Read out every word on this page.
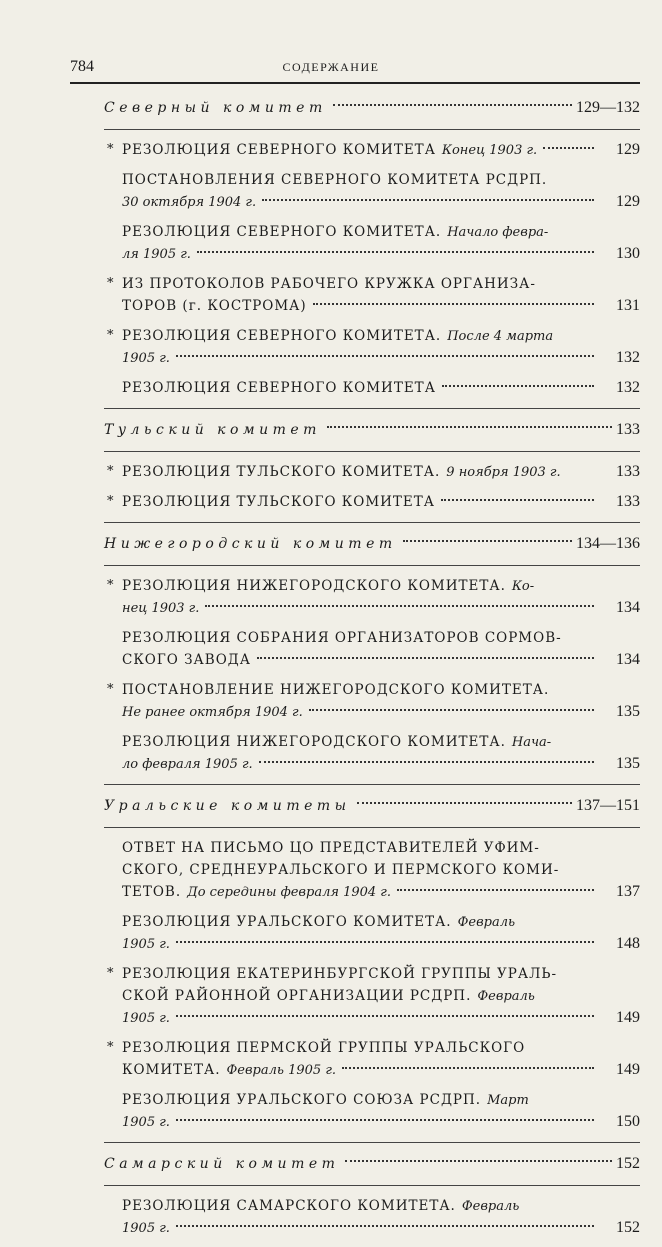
784	СОДЕРЖАНИЕ
Северный комитет	129—132
* РЕЗОЛЮЦИЯ СЕВЕРНОГО КОМИТЕТА Конец 1903 г.	129
ПОСТАНОВЛЕНИЯ СЕВЕРНОГО КОМИТЕТА РСДРП.
30 октября 1904 г.	129
РЕЗОЛЮЦИЯ СЕВЕРНОГО КОМИТЕТА. Начало февра-
ля 1905 г.	130
* ИЗ ПРОТОКОЛОВ РАБОЧЕГО КРУЖКА ОРГАНИЗА-
ТОРОВ (г. КОСТРОМА)	131
* РЕЗОЛЮЦИЯ СЕВЕРНОГО КОМИТЕТА. После 4 марта
1905 г.	132
РЕЗОЛЮЦИЯ СЕВЕРНОГО КОМИТЕТА	132
Тульский комитет	133
* РЕЗОЛЮЦИЯ ТУЛЬСКОГО КОМИТЕТА. 9 ноября 1903 г.	133
* РЕЗОЛЮЦИЯ ТУЛЬСКОГО КОМИТЕТА	133
Нижегородский комитет	134—136
* РЕЗОЛЮЦИЯ НИЖЕГОРОДСКОГО КОМИТЕТА. Ко-
нец 1903 г.	134
РЕЗОЛЮЦИЯ СОБРАНИЯ ОРГАНИЗАТОРОВ СОРМОВ-
СКОГО ЗАВОДА	134
* ПОСТАНОВЛЕНИЕ НИЖЕГОРОДСКОГО КОМИТЕТА.
Не ранее октября 1904 г.	135
РЕЗОЛЮЦИЯ НИЖЕГОРОДСКОГО КОМИТЕТА. Нача-
ло февраля 1905 г.	135
Уральские комитеты	137—151
ОТВЕТ НА ПИСЬМО ЦО ПРЕДСТАВИТЕЛЕЙ УФИМ-
СКОГО, СРЕДНЕУРАЛЬСКОГО И ПЕРМСКОГО КОМИ-
ТЕТОВ. До середины февраля 1904 г.	137
РЕЗОЛЮЦИЯ УРАЛЬСКОГО КОМИТЕТА. Февраль
1905 г.	148
* РЕЗОЛЮЦИЯ ЕКАТЕРИНБУРГСКОЙ ГРУППЫ УРАЛЬ-
СКОЙ РАЙОННОЙ ОРГАНИЗАЦИИ РСДРП. Февраль
1905 г.	149
* РЕЗОЛЮЦИЯ ПЕРМСКОЙ ГРУППЫ УРАЛЬСКОГО
КОМИТЕТА. Февраль 1905 г.	149
РЕЗОЛЮЦИЯ УРАЛЬСКОГО СОЮЗА РСДРП. Март
1905 г.	150
Самарский комитет	152
РЕЗОЛЮЦИЯ САМАРСКОГО КОМИТЕТА. Февраль
1905 г.	152
